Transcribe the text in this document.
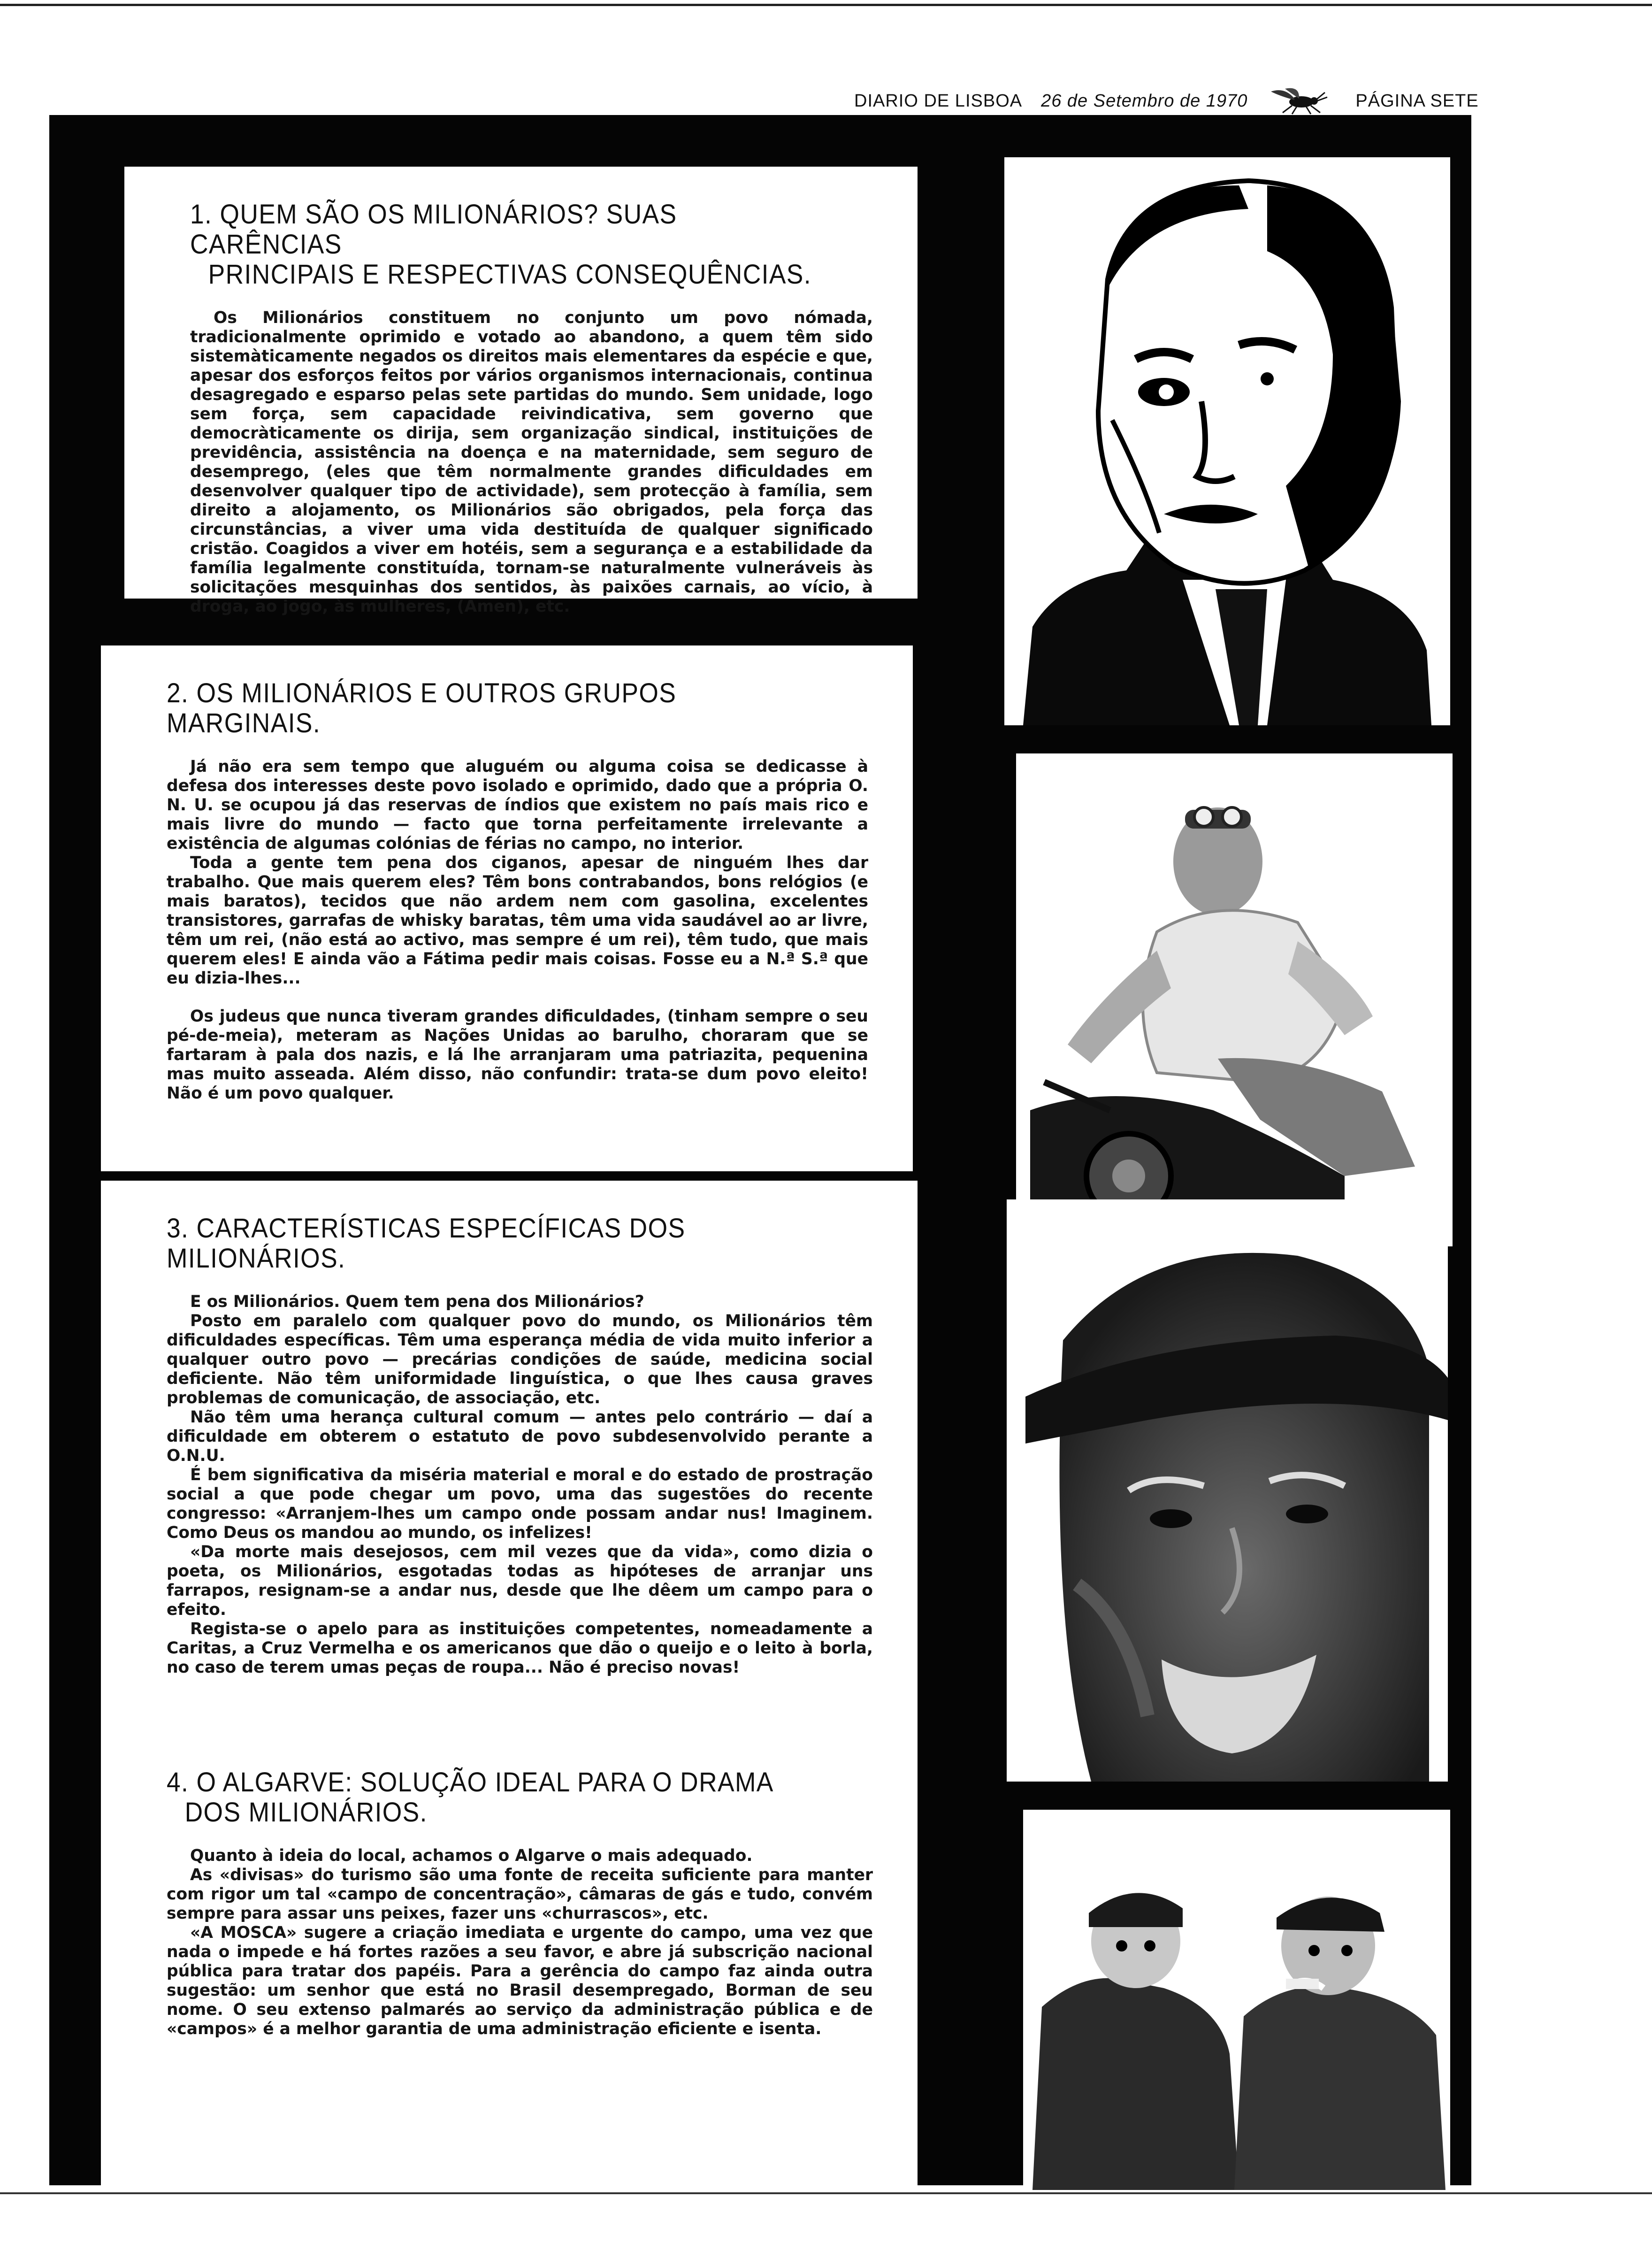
DIARIO DE LISBOA 26 de Setembro de 1970	PÁGINA SETE
1. QUEM SÃO OS MILIONÁRIOS? SUAS CARÊNCIAS
PRINCIPAIS E RESPECTIVAS CONSEQUÊNCIAS.

Os Milionários constituem no conjunto um povo nómada, tradicionalmente oprimido e votado ao abandono, a quem têm sido sistemàticamente negados os direitos mais elementares da espécie e que, apesar dos esforços feitos por vários organismos internacionais, continua desagregado e esparso pelas sete partidas do mundo. Sem unidade, logo sem força, sem capacidade reivindicativa, sem governo que democràticamente os dirija, sem organização sindical, instituições de previdência, assistência na doença e na maternidade, sem seguro de desemprego, (eles que têm normalmente grandes dificuldades em desenvolver qualquer tipo de actividade), sem protecção à família, sem direito a alojamento, os Milionários são obrigados, pela força das circunstâncias, a viver uma vida destituída de qualquer significado cristão. Coagidos a viver em hotéis, sem a segurança e a estabilidade da família legalmente constituída, tornam-se naturalmente vulneráveis às solicitações mesquinhas dos sentidos, às paixões carnais, ao vício, à droga, ao jogo, às mulheres, (Amen), etc.

2. OS MILIONÁRIOS E OUTROS GRUPOS MARGINAIS.

Já não era sem tempo que aluguém ou alguma coisa se dedicasse à defesa dos interesses deste povo isolado e oprimido, dado que a própria O. N. U. se ocupou já das reservas de índios que existem no país mais rico e mais livre do mundo — facto que torna perfeitamente irrelevante a existência de algumas colónias de férias no campo, no interior.

Toda a gente tem pena dos ciganos, apesar de ninguém lhes dar trabalho. Que mais querem eles? Têm bons contrabandos, bons relógios (e mais baratos), tecidos que não ardem nem com gasolina, excelentes transistores, garrafas de whisky baratas, têm uma vida saudável ao ar livre, têm um rei, (não está ao activo, mas sempre é um rei), têm tudo, que mais querem eles! E ainda vão a Fátima pedir mais coisas. Fosse eu a N.ª S.ª que eu dizia-lhes...

Os judeus que nunca tiveram grandes dificuldades, (tinham sempre o seu pé-de-meia), meteram as Nações Unidas ao barulho, choraram que se fartaram à pala dos nazis, e lá lhe arranjaram uma patriazita, pequenina mas muito asseada. Além disso, não confundir: trata-se dum povo eleito! Não é um povo qualquer.

3. CARACTERÍSTICAS ESPECÍFICAS DOS MILIONÁRIOS.

E os Milionários. Quem tem pena dos Milionários?

Posto em paralelo com qualquer povo do mundo, os Milionários têm dificuldades específicas. Têm uma esperança média de vida muito inferior a qualquer outro povo — precárias condições de saúde, medicina social deficiente. Não têm uniformidade linguística, o que lhes causa graves problemas de comunicação, de associação, etc.

Não têm uma herança cultural comum — antes pelo contrário — daí a dificuldade em obterem o estatuto de povo subdesenvolvido perante a O.N.U.

É bem significativa da miséria material e moral e do estado de prostração social a que pode chegar um povo, uma das sugestões do recente congresso: «Arranjem-lhes um campo onde possam andar nus! Imaginem. Como Deus os mandou ao mundo, os infelizes!

«Da morte mais desejosos, cem mil vezes que da vida», como dizia o poeta, os Milionários, esgotadas todas as hipóteses de arranjar uns farrapos, resignam-se a andar nus, desde que lhe dêem um campo para o efeito.

Regista-se o apelo para as instituições competentes, nomeadamente a Caritas, a Cruz Vermelha e os americanos que dão o queijo e o leito à borla, no caso de terem umas peças de roupa... Não é preciso novas!

4. O ALGARVE: SOLUÇÃO IDEAL PARA O DRAMA
DOS MILIONÁRIOS.

Quanto à ideia do local, achamos o Algarve o mais adequado.

As «divisas» do turismo são uma fonte de receita suficiente para manter com rigor um tal «campo de concentração», câmaras de gás e tudo, convém sempre para assar uns peixes, fazer uns «churrascos», etc.

«A MOSCA» sugere a criação imediata e urgente do campo, uma vez que nada o impede e há fortes razões a seu favor, e abre já subscrição nacional pública para tratar dos papéis. Para a gerência do campo faz ainda outra sugestão: um senhor que está no Brasil desempregado, Borman de seu nome. O seu extenso palmarés ao serviço da administração pública e de «campos» é a melhor garantia de uma administração eficiente e isenta.
